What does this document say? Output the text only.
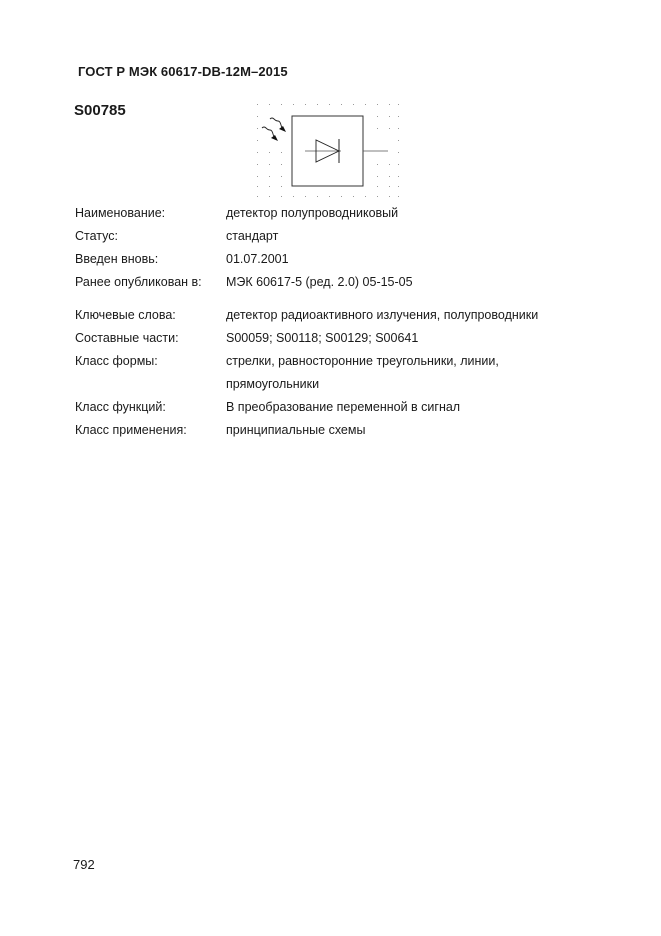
ГОСТ Р МЭК 60617-DB-12M–2015
S00785
Наименование:	детектор полупроводниковый
Статус:	стандарт
Введен вновь:	01.07.2001
Ранее опубликован в: МЭК 60617-5 (ред. 2.0) 05-15-05
Ключевые слова:	детектор радиоактивного излучения, полупроводники
Составные части:	S00059; S00118; S00129; S00641
Класс формы:	стрелки, равносторонние треугольники, линии,
прямоугольники
Класс функций:	B преобразование переменной в сигнал
Класс применения:	принципиальные схемы
792
